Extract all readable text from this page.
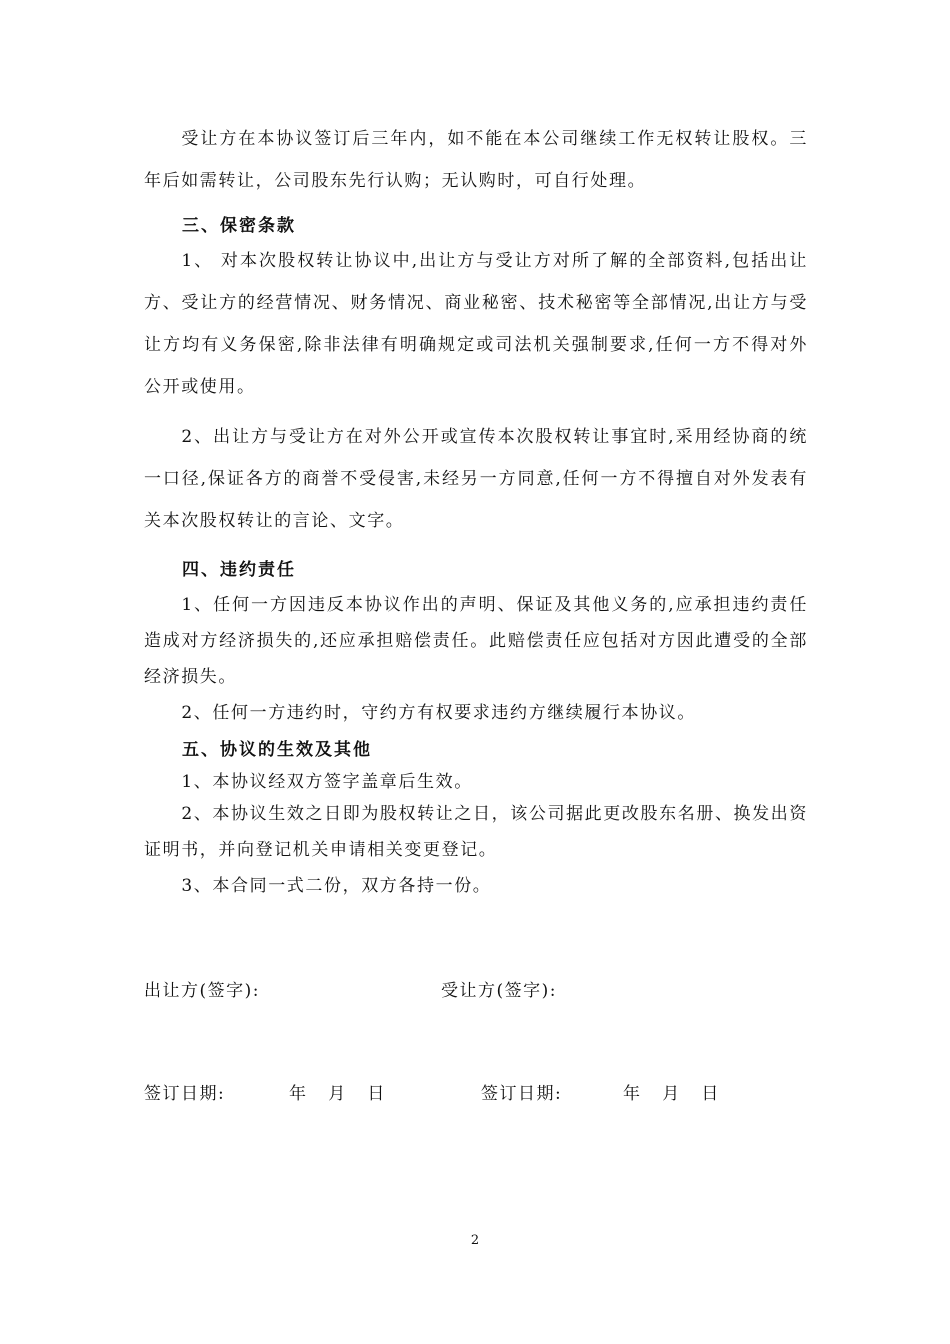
受让方在本协议签订后三年内，如不能在本公司继续工作无权转让股权。三年后如需转让，公司股东先行认购；无认购时，可自行处理。

三、保密条款

1、 对本次股权转让协议中,出让方与受让方对所了解的全部资料,包括出让方、受让方的经营情况、财务情况、商业秘密、技术秘密等全部情况,出让方与受让方均有义务保密,除非法律有明确规定或司法机关强制要求,任何一方不得对外公开或使用。

2、出让方与受让方在对外公开或宣传本次股权转让事宜时,采用经协商的统一口径,保证各方的商誉不受侵害,未经另一方同意,任何一方不得擅自对外发表有关本次股权转让的言论、文字。

四、违约责任

1、任何一方因违反本协议作出的声明、保证及其他义务的,应承担违约责任造成对方经济损失的,还应承担赔偿责任。此赔偿责任应包括对方因此遭受的全部经济损失。

2、任何一方违约时，守约方有权要求违约方继续履行本协议。

五、协议的生效及其他

1、本协议经双方签字盖章后生效。

2、本协议生效之日即为股权转让之日，该公司据此更改股东名册、换发出资证明书，并向登记机关申请相关变更登记。

3、本合同一式二份，双方各持一份。

出让方(签字):	受让方(签字):
签订日期:	年   月   日	签订日期:	年   月   日
2
